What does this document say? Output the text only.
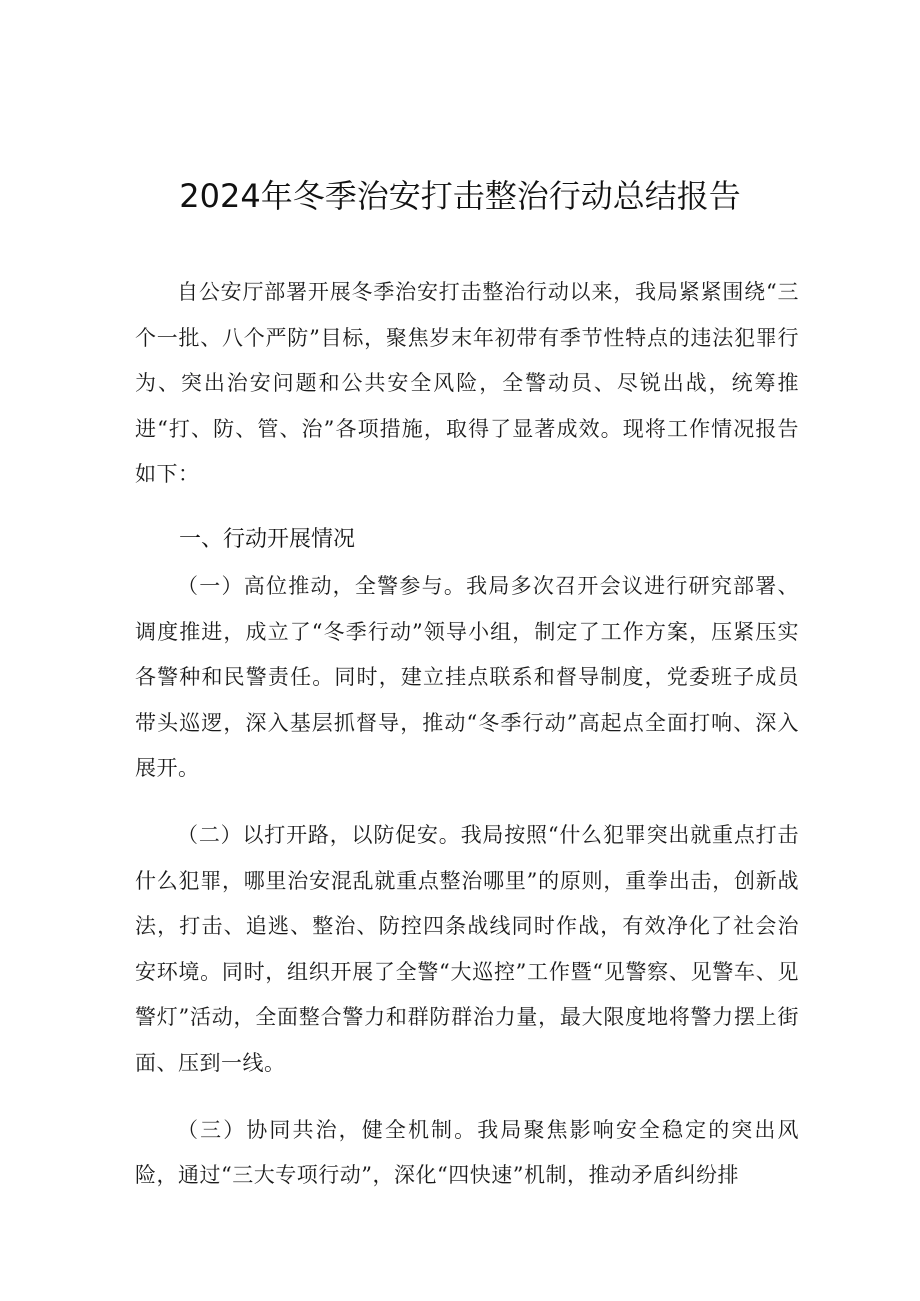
2024年冬季治安打击整治行动总结报告

自公安厅部署开展冬季治安打击整治行动以来，我局紧紧围绕“三个一批、八个严防”目标，聚焦岁末年初带有季节性特点的违法犯罪行为、突出治安问题和公共安全风险，全警动员、尽锐出战，统筹推进“打、防、管、治”各项措施，取得了显著成效。现将工作情况报告如下：

一、行动开展情况

（一）高位推动，全警参与。我局多次召开会议进行研究部署、调度推进，成立了“冬季行动”领导小组，制定了工作方案，压紧压实各警种和民警责任。同时，建立挂点联系和督导制度，党委班子成员带头巡逻，深入基层抓督导，推动“冬季行动”高起点全面打响、深入展开。

（二）以打开路，以防促安。我局按照“什么犯罪突出就重点打击什么犯罪，哪里治安混乱就重点整治哪里”的原则，重拳出击，创新战法，打击、追逃、整治、防控四条战线同时作战，有效净化了社会治安环境。同时，组织开展了全警“大巡控”工作暨“见警察、见警车、见警灯”活动，全面整合警力和群防群治力量，最大限度地将警力摆上街面、压到一线。

（三）协同共治，健全机制。我局聚焦影响安全稳定的突出风险，通过“三大专项行动”，深化“四快速”机制，推动矛盾纠纷排
